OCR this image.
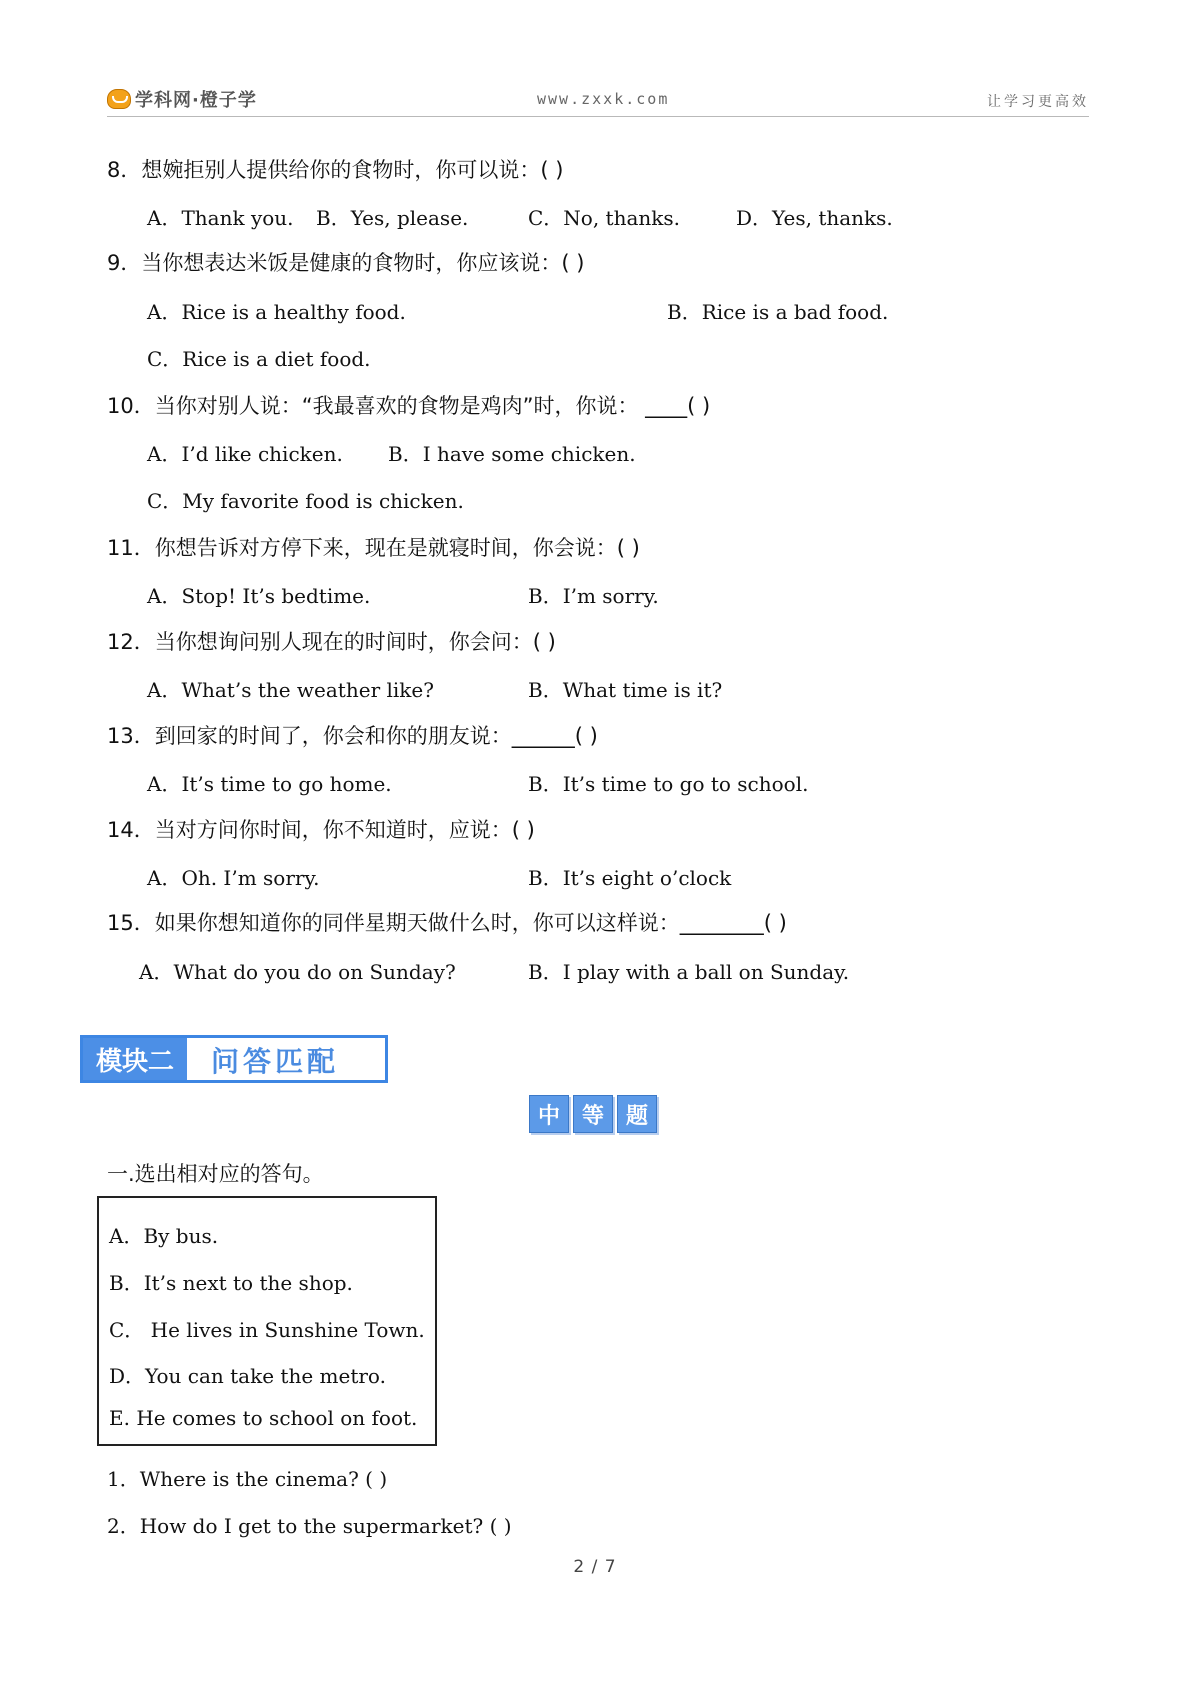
学科网·橙子学	www.zxxk.com	让学习更高效
8．想婉拒别人提供给你的食物时，你可以说：( )
A．Thank you. B．Yes, please.	C．No, thanks.	D．Yes, thanks.
9．当你想表达米饭是健康的食物时，你应该说：( )
A．Rice is a healthy food.	B．Rice is a bad food.
C．Rice is a diet food.
10．当你对别人说：“我最喜欢的食物是鸡肉”时，你说： ____( )
A．I’d like chicken. B．I have some chicken.
C．My favorite food is chicken.
11．你想告诉对方停下来，现在是就寝时间，你会说：( )
A．Stop! It’s bedtime.	B．I’m sorry.
12．当你想询问别人现在的时间时，你会问：( )
A．What’s the weather like?	B．What time is it?
13．到回家的时间了，你会和你的朋友说：______( )
A．It’s time to go home.	B．It’s time to go to school.
14．当对方问你时间，你不知道时，应说：( )
A．Oh. I’m sorry.	B．It’s eight o’clock
15．如果你想知道你的同伴星期天做什么时，你可以这样说：________( )
A．What do you do on Sunday?	B．I play with a ball on Sunday.
模块二	问答匹配
中 等 题
一.选出相对应的答句。
A．By bus.
B．It’s next to the shop.
C． He lives in Sunshine Town.
D．You can take the metro.
E. He comes to school on foot.
1．Where is the cinema? ( )
2．How do I get to the supermarket? ( )
2 / 7
